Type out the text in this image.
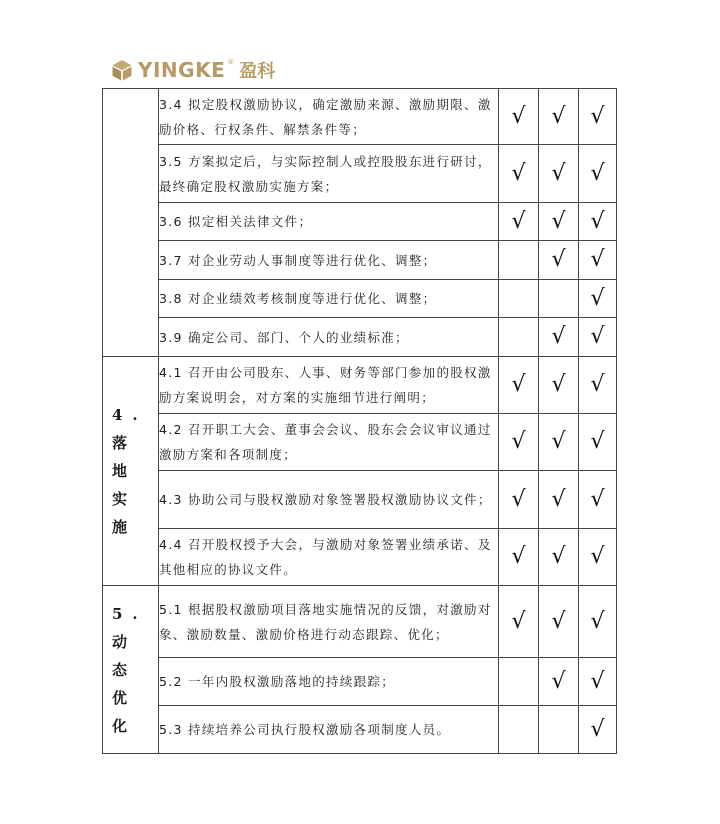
YINGKE ® 盈科
	3.4 拟定股权激励协议，确定激励来源、激励期限、激励价格、行权条件、解禁条件等；	√	√	√
	3.5 方案拟定后，与实际控制人或控股股东进行研讨，最终确定股权激励实施方案；	√	√	√
	3.6 拟定相关法律文件；	√	√	√
	3.7 对企业劳动人事制度等进行优化、调整；		√	√
	3.8 对企业绩效考核制度等进行优化、调整；			√
	3.9 确定公司、部门、个人的业绩标准；		√	√

4. 落地实施	4.1 召开由公司股东、人事、财务等部门参加的股权激励方案说明会，对方案的实施细节进行阐明；	√	√	√
	4.2 召开职工大会、董事会会议、股东会会议审议通过激励方案和各项制度；	√	√	√
	4.3 协助公司与股权激励对象签署股权激励协议文件；	√	√	√
	4.4 召开股权授予大会，与激励对象签署业绩承诺、及其他相应的协议文件。	√	√	√

5. 动态优化	5.1 根据股权激励项目落地实施情况的反馈，对激励对象、激励数量、激励价格进行动态跟踪、优化；	√	√	√
	5.2 一年内股权激励落地的持续跟踪；		√	√
	5.3 持续培养公司执行股权激励各项制度人员。			√
